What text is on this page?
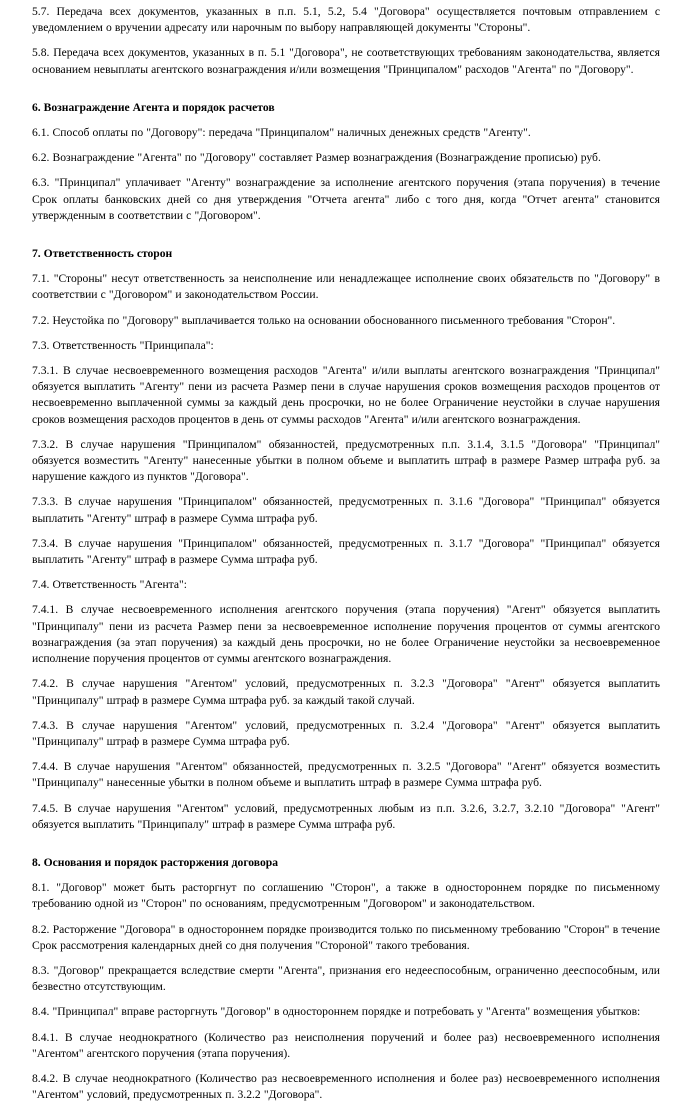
5.7. Передача всех документов, указанных в п.п. 5.1, 5.2, 5.4 "Договора" осуществляется почтовым отправлением с уведомлением о вручении адресату или нарочным по выбору направляющей документы "Стороны".

5.8. Передача всех документов, указанных в п. 5.1 "Договора", не соответствующих требованиям законодательства, является основанием невыплаты агентского вознаграждения и/или возмещения "Принципалом" расходов "Агента" по "Договору".

6. Вознаграждение Агента и порядок расчетов

6.1. Способ оплаты по "Договору": передача "Принципалом" наличных денежных средств "Агенту".

6.2. Вознаграждение "Агента" по "Договору" составляет Размер вознаграждения (Вознаграждение прописью) руб.

6.3. "Принципал" уплачивает "Агенту" вознаграждение за исполнение агентского поручения (этапа поручения) в течение Срок оплаты банковских дней со дня утверждения "Отчета агента" либо с того дня, когда "Отчет агента" становится утвержденным в соответствии с "Договором".

7. Ответственность сторон

7.1. "Стороны" несут ответственность за неисполнение или ненадлежащее исполнение своих обязательств по "Договору" в соответствии с "Договором" и законодательством России.

7.2. Неустойка по "Договору" выплачивается только на основании обоснованного письменного требования "Сторон".

7.3. Ответственность "Принципала":

7.3.1. В случае несвоевременного возмещения расходов "Агента" и/или выплаты агентского вознаграждения "Принципал" обязуется выплатить "Агенту" пени из расчета Размер пени в случае нарушения сроков возмещения расходов процентов от несвоевременно выплаченной суммы за каждый день просрочки, но не более Ограничение неустойки в случае нарушения сроков возмещения расходов процентов в день от суммы расходов "Агента" и/или агентского вознаграждения.

7.3.2. В случае нарушения "Принципалом" обязанностей, предусмотренных п.п. 3.1.4, 3.1.5 "Договора" "Принципал" обязуется возместить "Агенту" нанесенные убытки в полном объеме и выплатить штраф в размере Размер штрафа руб. за нарушение каждого из пунктов "Договора".

7.3.3. В случае нарушения "Принципалом" обязанностей, предусмотренных п. 3.1.6 "Договора" "Принципал" обязуется выплатить "Агенту" штраф в размере Сумма штрафа руб.

7.3.4. В случае нарушения "Принципалом" обязанностей, предусмотренных п. 3.1.7 "Договора" "Принципал" обязуется выплатить "Агенту" штраф в размере Сумма штрафа руб.

7.4. Ответственность "Агента":

7.4.1. В случае несвоевременного исполнения агентского поручения (этапа поручения) "Агент" обязуется выплатить "Принципалу" пени из расчета Размер пени за несвоевременное исполнение поручения процентов от суммы агентского вознаграждения (за этап поручения) за каждый день просрочки, но не более Ограничение неустойки за несвоевременное исполнение поручения процентов от суммы агентского вознаграждения.

7.4.2. В случае нарушения "Агентом" условий, предусмотренных п. 3.2.3 "Договора" "Агент" обязуется выплатить "Принципалу" штраф в размере Сумма штрафа руб. за каждый такой случай.

7.4.3. В случае нарушения "Агентом" условий, предусмотренных п. 3.2.4 "Договора" "Агент" обязуется выплатить "Принципалу" штраф в размере Сумма штрафа руб.

7.4.4. В случае нарушения "Агентом" обязанностей, предусмотренных п. 3.2.5 "Договора" "Агент" обязуется возместить "Принципалу" нанесенные убытки в полном объеме и выплатить штраф в размере Сумма штрафа руб.

7.4.5. В случае нарушения "Агентом" условий, предусмотренных любым из п.п. 3.2.6, 3.2.7, 3.2.10 "Договора" "Агент" обязуется выплатить "Принципалу" штраф в размере Сумма штрафа руб.

8. Основания и порядок расторжения договора

8.1. "Договор" может быть расторгнут по соглашению "Сторон", а также в одностороннем порядке по письменному требованию одной из "Сторон" по основаниям, предусмотренным "Договором" и законодательством.

8.2. Расторжение "Договора" в одностороннем порядке производится только по письменному требованию "Сторон" в течение Срок рассмотрения календарных дней со дня получения "Стороной" такого требования.

8.3. "Договор" прекращается вследствие смерти "Агента", признания его недееспособным, ограниченно дееспособным, или безвестно отсутствующим.

8.4. "Принципал" вправе расторгнуть "Договор" в одностороннем порядке и потребовать у "Агента" возмещения убытков:

8.4.1. В случае неоднократного (Количество раз неисполнения поручений и более раз) несвоевременного исполнения "Агентом" агентского поручения (этапа поручения).

8.4.2. В случае неоднократного (Количество раз несвоевременного исполнения и более раз) несвоевременного исполнения "Агентом" условий, предусмотренных п. 3.2.2 "Договора".
